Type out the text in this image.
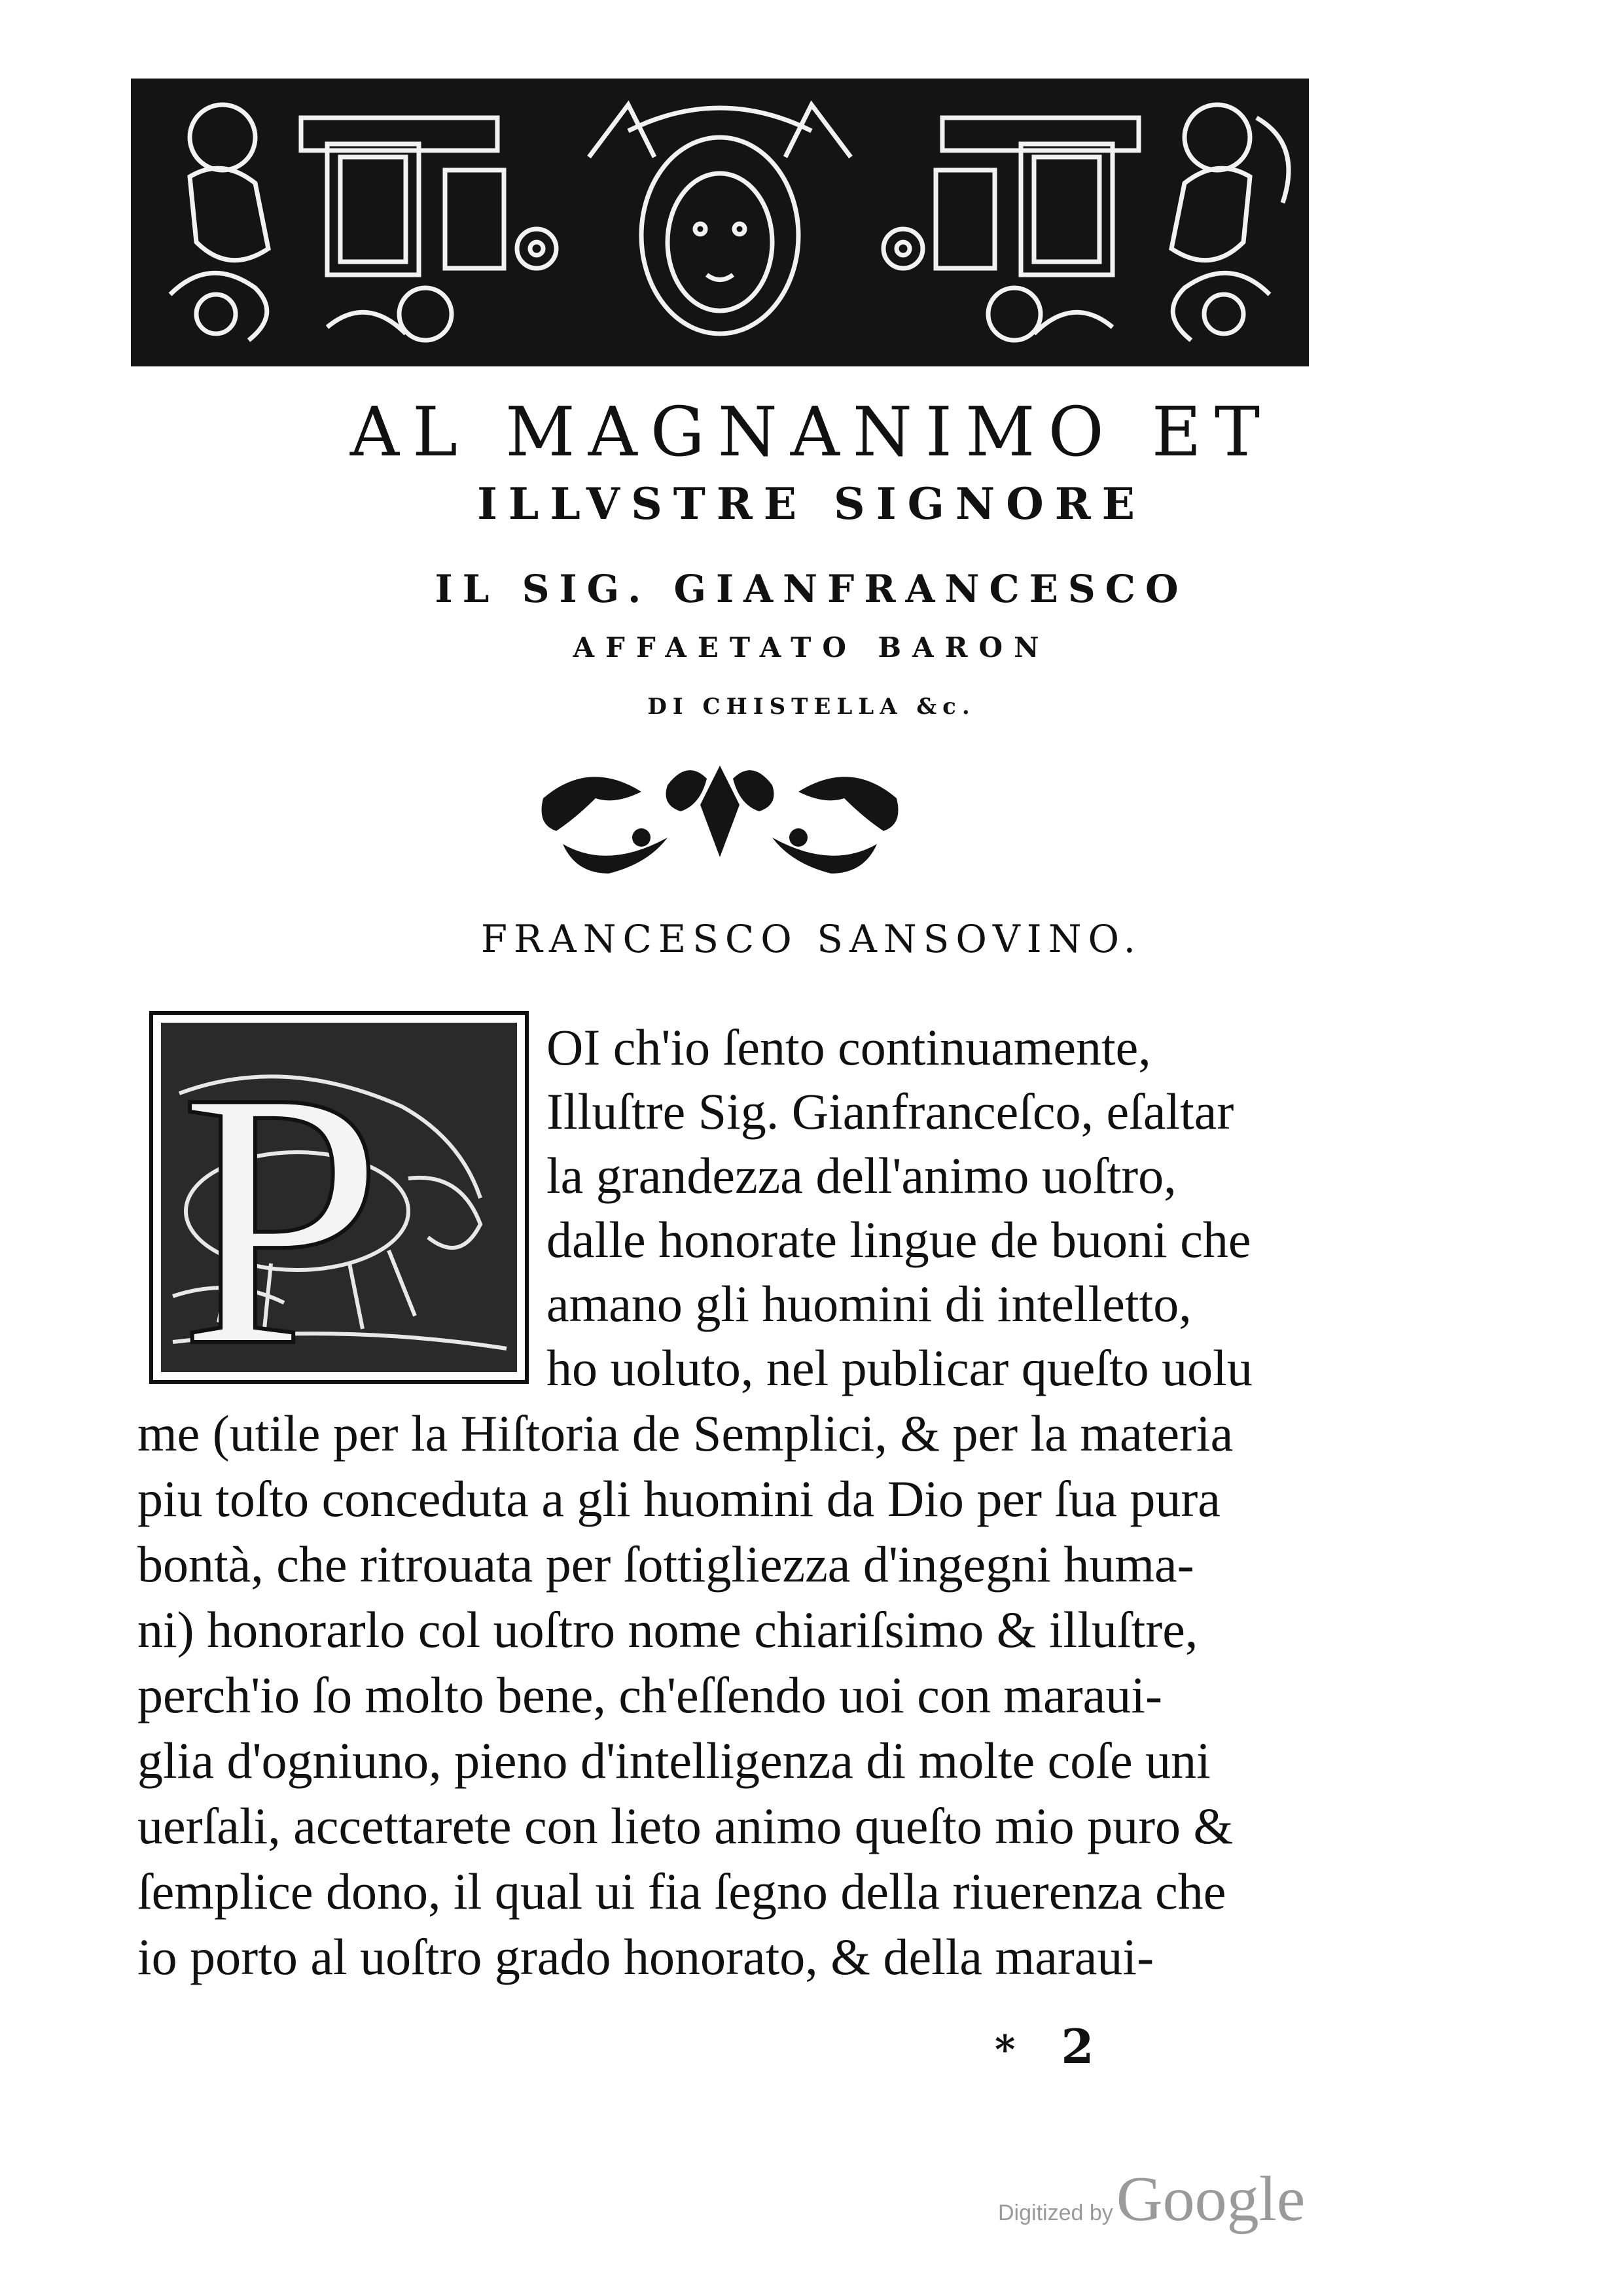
AL MAGNANIMO ET
ILLVSTRE SIGNORE
IL SIG. GIANFRANCESCO
AFFAETATO BARON
DI CHISTELLA &c.
FRANCESCO SANSOVINO.
P	OI ch'io ſento continuamente,
Illuſtre Sig. Gianfranceſco, eſaltar
la grandezza dell'animo uoſtro,
dalle honorate lingue de buoni che
amano gli huomini di intelletto,
ho uoluto, nel publicar queſto uolu
me (utile per la Hiſtoria de Semplici, & per la materia
piu toſto conceduta a gli huomini da Dio per ſua pura
bontà, che ritrouata per ſottigliezza d'ingegni huma-
ni) honorarlo col uoſtro nome chiariſsimo & illuſtre,
perch'io ſo molto bene, ch'eſſendo uoi con maraui-
glia d'ogniuno, pieno d'intelligenza di molte coſe uni
uerſali, accettarete con lieto animo queſto mio puro &
ſemplice dono, il qual ui fia ſegno della riuerenza che
io porto al uoſtro grado honorato, & della maraui-
* 2
Digitized by Google
